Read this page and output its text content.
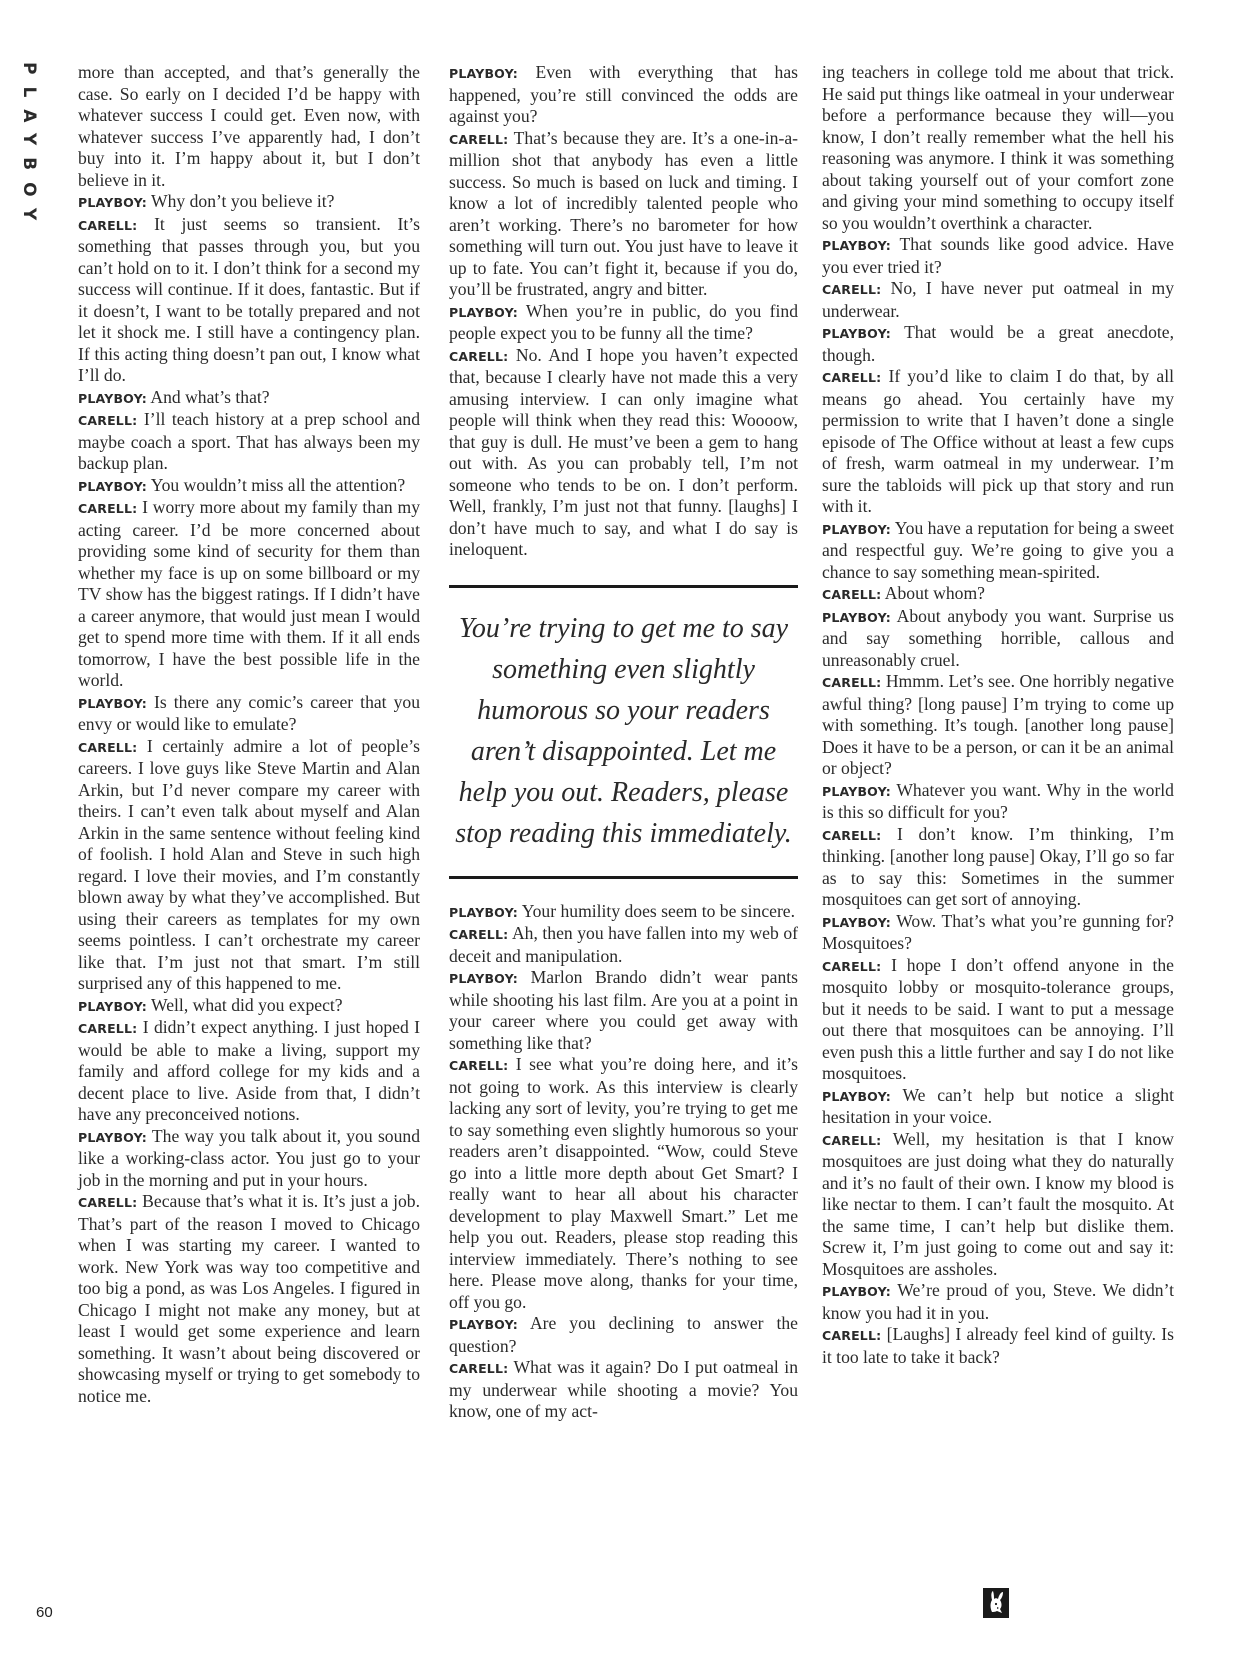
PLAYBOY more than accepted, and that’s generally the case. So early on I decided I’d be happy with whatever success I could get. Even now, with whatever success I’ve apparently had, I don’t buy into it. I’m happy about it, but I don’t believe in it.

PLAYBOY: Why don’t you believe it?

CARELL: It just seems so transient. It’s something that passes through you, but you can’t hold on to it. I don’t think for a second my success will continue. If it does, fantastic. But if it doesn’t, I want to be totally prepared and not let it shock me. I still have a contingency plan. If this acting thing doesn’t pan out, I know what I’ll do.

PLAYBOY: And what’s that?

CARELL: I’ll teach history at a prep school and maybe coach a sport. That has always been my backup plan.

PLAYBOY: You wouldn’t miss all the attention?

CARELL: I worry more about my family than my acting career. I’d be more concerned about providing some kind of security for them than whether my face is up on some billboard or my TV show has the biggest ratings. If I didn’t have a career anymore, that would just mean I would get to spend more time with them. If it all ends tomorrow, I have the best possible life in the world.

PLAYBOY: Is there any comic’s career that you envy or would like to emulate?

CARELL: I certainly admire a lot of people’s careers. I love guys like Steve Martin and Alan Arkin, but I’d never compare my career with theirs. I can’t even talk about myself and Alan Arkin in the same sentence without feeling kind of foolish. I hold Alan and Steve in such high regard. I love their movies, and I’m constantly blown away by what they’ve accomplished. But using their careers as templates for my own seems pointless. I can’t orchestrate my career like that. I’m just not that smart. I’m still surprised any of this happened to me.

PLAYBOY: Well, what did you expect?

CARELL: I didn’t expect anything. I just hoped I would be able to make a living, support my family and afford college for my kids and a decent place to live. Aside from that, I didn’t have any preconceived notions.

PLAYBOY: The way you talk about it, you sound like a working-class actor. You just go to your job in the morning and put in your hours.

CARELL: Because that’s what it is. It’s just a job. That’s part of the reason I moved to Chicago when I was starting my career. I wanted to work. New York was way too competitive and too big a pond, as was Los Angeles. I figured in Chicago I might not make any money, but at least I would get some experience and learn something. It wasn’t about being discovered or showcasing myself or trying to get somebody to notice me.

PLAYBOY: Even with everything that has happened, you’re still convinced the odds are against you?

CARELL: That’s because they are. It’s a one-in-a-million shot that anybody has even a little success. So much is based on luck and timing. I know a lot of incredibly talented people who aren’t working. There’s no barometer for how something will turn out. You just have to leave it up to fate. You can’t fight it, because if you do, you’ll be frustrated, angry and bitter.

PLAYBOY: When you’re in public, do you find people expect you to be funny all the time?

CARELL: No. And I hope you haven’t expected that, because I clearly have not made this a very amusing interview. I can only imagine what people will think when they read this: Woooow, that guy is dull. He must’ve been a gem to hang out with. As you can probably tell, I’m not someone who tends to be on. I don’t perform. Well, frankly, I’m just not that funny. [laughs] I don’t have much to say, and what I do say is ineloquent.

You’re trying to get me to say something even slightly humorous so your readers aren’t disappointed. Let me help you out. Readers, please stop reading this immediately.

PLAYBOY: Your humility does seem to be sincere.

CARELL: Ah, then you have fallen into my web of deceit and manipulation.

PLAYBOY: Marlon Brando didn’t wear pants while shooting his last film. Are you at a point in your career where you could get away with something like that?

CARELL: I see what you’re doing here, and it’s not going to work. As this interview is clearly lacking any sort of levity, you’re trying to get me to say something even slightly humorous so your readers aren’t disappointed. “Wow, could Steve go into a little more depth about Get Smart? I really want to hear all about his character development to play Maxwell Smart.” Let me help you out. Readers, please stop reading this interview immediately. There’s nothing to see here. Please move along, thanks for your time, off you go.

PLAYBOY: Are you declining to answer the question?

CARELL: What was it again? Do I put oatmeal in my underwear while shooting a movie? You know, one of my act-

ing teachers in college told me about that trick. He said put things like oatmeal in your underwear before a performance because they will—you know, I don’t really remember what the hell his reasoning was anymore. I think it was something about taking yourself out of your comfort zone and giving your mind something to occupy itself so you wouldn’t overthink a character.

PLAYBOY: That sounds like good advice. Have you ever tried it?

CARELL: No, I have never put oatmeal in my underwear.

PLAYBOY: That would be a great anecdote, though.

CARELL: If you’d like to claim I do that, by all means go ahead. You certainly have my permission to write that I haven’t done a single episode of The Office without at least a few cups of fresh, warm oatmeal in my underwear. I’m sure the tabloids will pick up that story and run with it.

PLAYBOY: You have a reputation for being a sweet and respectful guy. We’re going to give you a chance to say something mean-spirited.

CARELL: About whom?

PLAYBOY: About anybody you want. Surprise us and say something horrible, callous and unreasonably cruel.

CARELL: Hmmm. Let’s see. One horribly negative awful thing? [long pause] I’m trying to come up with something. It’s tough. [another long pause] Does it have to be a person, or can it be an animal or object?

PLAYBOY: Whatever you want. Why in the world is this so difficult for you?

CARELL: I don’t know. I’m thinking, I’m thinking. [another long pause] Okay, I’ll go so far as to say this: Sometimes in the summer mosquitoes can get sort of annoying.

PLAYBOY: Wow. That’s what you’re gunning for? Mosquitoes?

CARELL: I hope I don’t offend anyone in the mosquito lobby or mosquito-tolerance groups, but it needs to be said. I want to put a message out there that mosquitoes can be annoying. I’ll even push this a little further and say I do not like mosquitoes.

PLAYBOY: We can’t help but notice a slight hesitation in your voice.

CARELL: Well, my hesitation is that I know mosquitoes are just doing what they do naturally and it’s no fault of their own. I know my blood is like nectar to them. I can’t fault the mosquito. At the same time, I can’t help but dislike them. Screw it, I’m just going to come out and say it: Mosquitoes are assholes.

PLAYBOY: We’re proud of you, Steve. We didn’t know you had it in you.

CARELL: [Laughs] I already feel kind of guilty. Is it too late to take it back?

60
